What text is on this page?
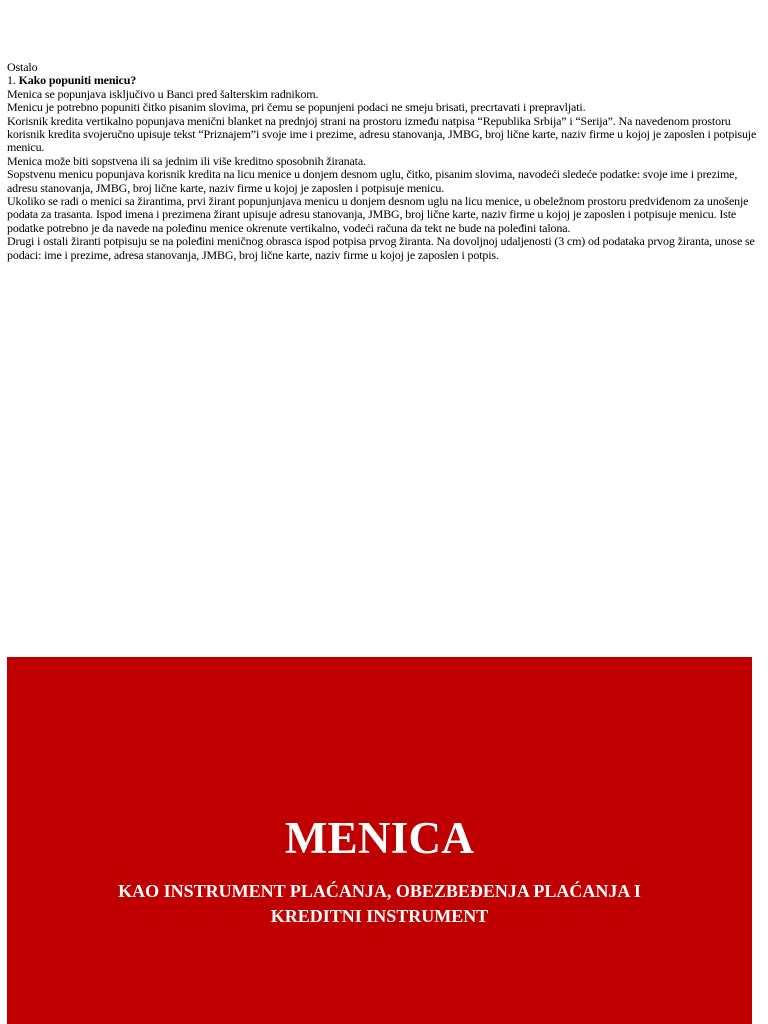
Ostalo

1. Kako popuniti menicu?

Menica se popunjava isključivo u Banci pred šalterskim radnikom.

Menicu je potrebno popuniti čitko pisanim slovima, pri čemu se popunjeni podaci ne smeju brisati, precrtavati i prepravljati.

Korisnik kredita vertikalno popunjava menični blanket na prednjoj strani na prostoru između natpisa “Republika Srbija” i “Serija”. Na navedenom prostoru korisnik kredita svojeručno upisuje tekst “Priznajem”i svoje ime i prezime, adresu stanovanja, JMBG, broj lične karte, naziv firme u kojoj je zaposlen i potpisuje menicu.

Menica može biti sopstvena ili sa jednim ili više kreditno sposobnih žiranata.

Sopstvenu menicu popunjava korisnik kredita na licu menice u donjem desnom uglu, čitko, pisanim slovima, navodeći sledeće podatke: svoje ime i prezime, adresu stanovanja, JMBG, broj lične karte, naziv firme u kojoj je zaposlen i potpisuje menicu.

Ukoliko se radi o menici sa žirantima, prvi žirant popunjunjava menicu u donjem desnom uglu na licu menice, u obeležnom prostoru predviđenom za unošenje podata za trasanta. Ispod imena i prezimena žirant upisuje adresu stanovanja, JMBG, broj lične karte, naziv firme u kojoj je zaposlen i potpisuje menicu. Iste podatke potrebno je da navede na poleđinu menice okrenute vertikalno, vodeći računa da tekt ne bude na poleđini talona.

Drugi i ostali žiranti potpisuju se na poleđini meničnog obrasca ispod potpisa prvog žiranta. Na dovoljnoj udaljenosti (3 cm) od podataka prvog žiranta, unose se podaci: ime i prezime, adresa stanovanja, JMBG, broj lične karte, naziv firme u kojoj je zaposlen i potpis.

MENICA
KAO INSTRUMENT PLAĆANJA, OBEZBEĐENJA PLAĆANJA I
KREDITNI INSTRUMENT
